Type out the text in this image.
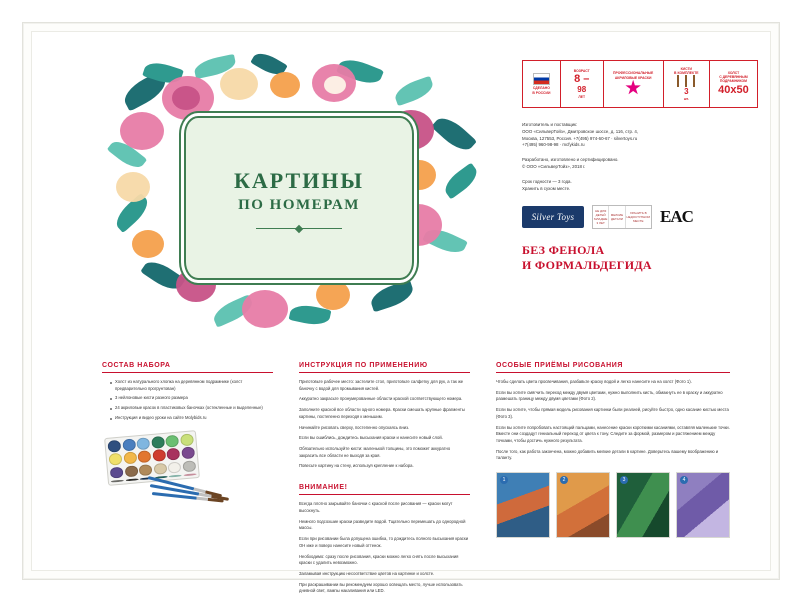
КАРТИНЫ
ПО НОМЕРАМ
СДЕЛАНО
В РОССИИ
ВОЗРАСТ
8 –
98
ЛЕТ
ПРОФЕССИОНАЛЬНЫЕ
АКРИЛОВЫЕ КРАСКИ
КИСТИ
В КОМПЛЕКТЕ
3
шт.
ХОЛСТ
С ДЕРЕВЯННЫМ
ПОДРАМНИКОМ
40х50

Изготовитель и поставщик:
ООО «СильверТойз», Дмитровское шоссе, д. 116, стр. 4,
Москва, 127553, Россия. +7(495) 974-60-67 · silvertoys.ru
+7(495) 960-98-98 · mcfykids.ru

Разработано, изготовлено и сертифицировано.
© ООО «СильверТойз», 2018 г.

Срок годности — 3 года.
Хранить в сухом месте.

Silver Toys
НЕ ДЛЯ ДЕТЕЙ МЛАДШЕ 3 ЛЕТ
МЕЛКИЕ ДЕТАЛИ
ХРАНИТЬ В НЕДОСТУПНОМ МЕСТЕ EAC
БЕЗ ФЕНОЛА
И ФОРМАЛЬДЕГИДА
СОСТАВ НАБОРА
Холст из натурального хлопка на деревянном подрамнике (холст предварительно прогрунтован)
3 нейлоновые кисти разного размера
24 акриловые красок в пластиковых баночках (остекленные и выделенные)
Инструкция и видео уроки на сайте Molybids.ru
ИНСТРУКЦИЯ ПО ПРИМЕНЕНИЮ

Приготовьте рабочее место: застелите стол, приготовьте салфетку для рук, а так же баночку с водой для промывания кистей.

Аккуратно закрасьте пронумерованные области краской соответствующего номера.

Заполните краской все области одного номера. Краски смешать крупные фрагменты картины, постепенно переходя к меньшим.

Начинайте рисовать сверху, постепенно опускаясь вниз.

Если вы ошиблись, дождитесь высыхания краски и нанесите новый слой.

Обязательно используйте кисти: маленькой толщины, это поможет аккуратно закрасить все области не выходя за края.

Повесьте картину на стену, используя крепление к набора.

ВНИМАНИЕ!

Всегда плотно закрывайте баночки с краской после рисования — краски могут высохнуть.

Немного подсохшие краски разведите водой. Тщательно перемешать до однородной массы.

Если при рисовании была допущена ошибка, то дождитесь полного высыхания краски ОН иже и поверх нанесите новый оттенок.

Необходимо: сразу после рисования, краски можно легко снять после высыхания краски с удалить невозможно.

Заламывая инструкцию несоответствие цветов на картинке и холсте.

При раскрашивании вы рекомендуем хорошо освещать место, лучше использовать дневной свет, лампы накаливания или LED.

ОСОБЫЕ ПРИЁМЫ РИСОВАНИЯ

Чтобы сделать цвета просвечивания, разбавьте краску водой и легко нанесите на на холст (Фото 1).

Если вы хотите смягчить переход между двумя цветами, нужно выполнить кисть, обмакнуть ее в краску и аккуратно размешать границу между двумя цветами (Фото 2).

Если вы хотите, чтобы прямая модель рисования картинки были реалией, рисуйте быстро, одно касание кистью места (Фото 3).

Если вы хотите попробовать настоящий пальцами, нанесение краски короткими касаниями, оставляя маленькие точки. Вместе они создадут гениальный переход от цвета к тону. Следите за формой, размером и растяжением между точками, чтобы достичь нужного результата.

После того, как работа закончена, можно добавить мелкие детали в картине. Доверьтесь вашему воображению и таланту.

1	2	3	4
